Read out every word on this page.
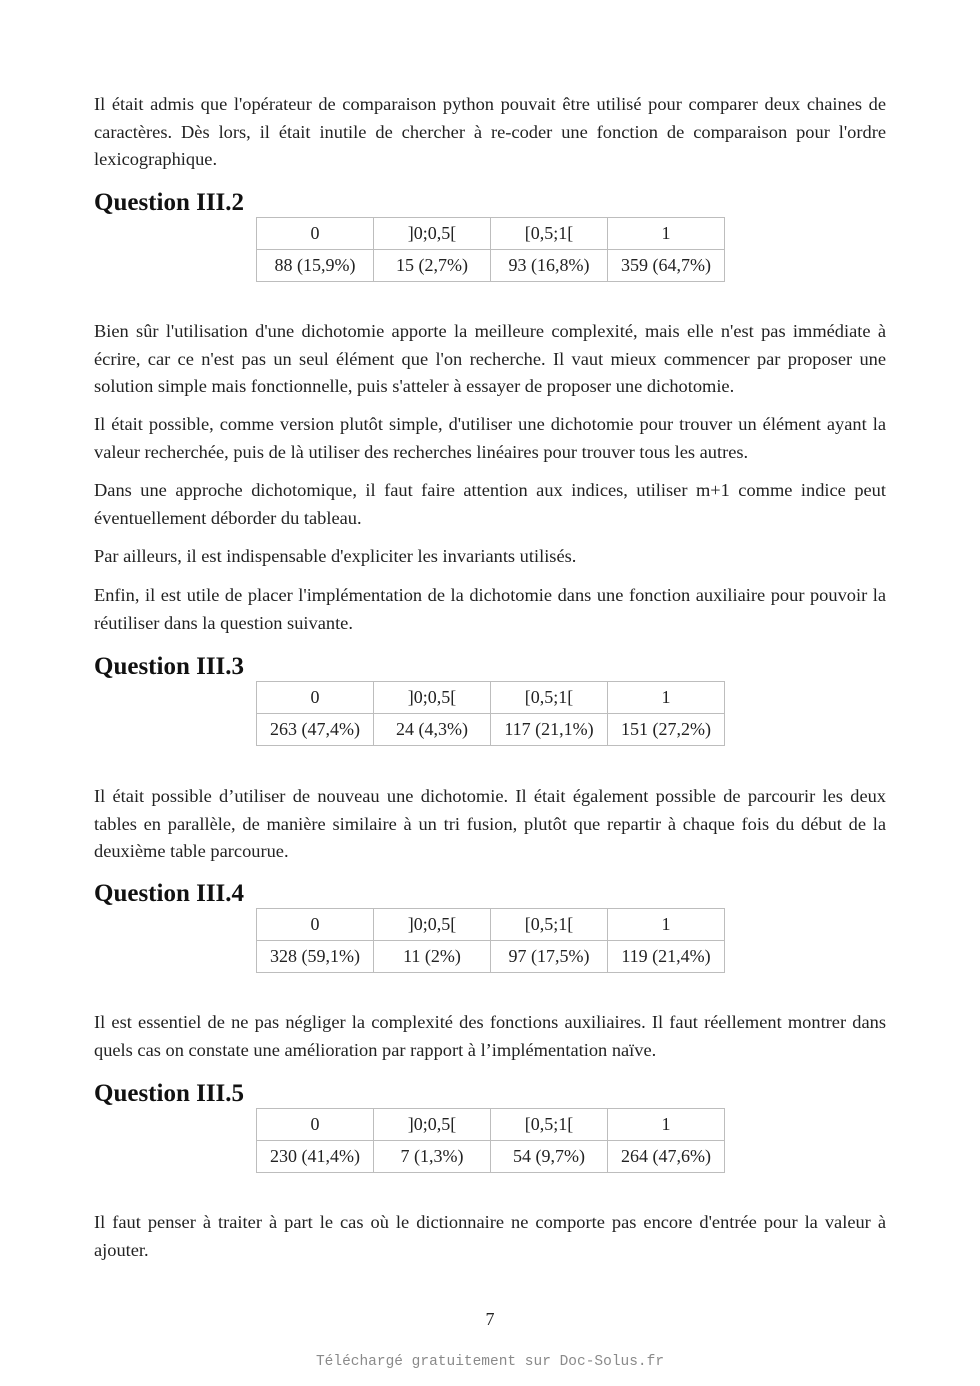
Il était admis que l'opérateur de comparaison python pouvait être utilisé pour comparer deux chaines de caractères. Dès lors, il était inutile de chercher à re-coder une fonction de comparaison pour l'ordre lexicographique.

Question III.2
0	]0;0,5[	[0,5;1[	1
88 (15,9%)	15 (2,7%)	93 (16,8%)	359 (64,7%)

Bien sûr l'utilisation d'une dichotomie apporte la meilleure complexité, mais elle n'est pas immédiate à écrire, car ce n'est pas un seul élément que l'on recherche. Il vaut mieux commencer par proposer une solution simple mais fonctionnelle, puis s'atteler à essayer de proposer une dichotomie.

Il était possible, comme version plutôt simple, d'utiliser une dichotomie pour trouver un élément ayant la valeur recherchée, puis de là utiliser des recherches linéaires pour trouver tous les autres.

Dans une approche dichotomique, il faut faire attention aux indices, utiliser m+1 comme indice peut éventuellement déborder du tableau.

Par ailleurs, il est indispensable d'expliciter les invariants utilisés.

Enfin, il est utile de placer l'implémentation de la dichotomie dans une fonction auxiliaire pour pouvoir la réutiliser dans la question suivante.

Question III.3
0	]0;0,5[	[0,5;1[	1
263 (47,4%)	24 (4,3%)	117 (21,1%)	151 (27,2%)

Il était possible d’utiliser de nouveau une dichotomie. Il était également possible de parcourir les deux tables en parallèle, de manière similaire à un tri fusion, plutôt que repartir à chaque fois du début de la deuxième table parcourue.

Question III.4
0	]0;0,5[	[0,5;1[	1
328 (59,1%)	11 (2%)	97 (17,5%)	119 (21,4%)

Il est essentiel de ne pas négliger la complexité des fonctions auxiliaires. Il faut réellement montrer dans quels cas on constate une amélioration par rapport à l’implémentation naïve.

Question III.5
0	]0;0,5[	[0,5;1[	1
230 (41,4%)	7 (1,3%)	54 (9,7%)	264 (47,6%)

Il faut penser à traiter à part le cas où le dictionnaire ne comporte pas encore d'entrée pour la valeur à ajouter.

7
Téléchargé gratuitement sur Doc-Solus.fr
